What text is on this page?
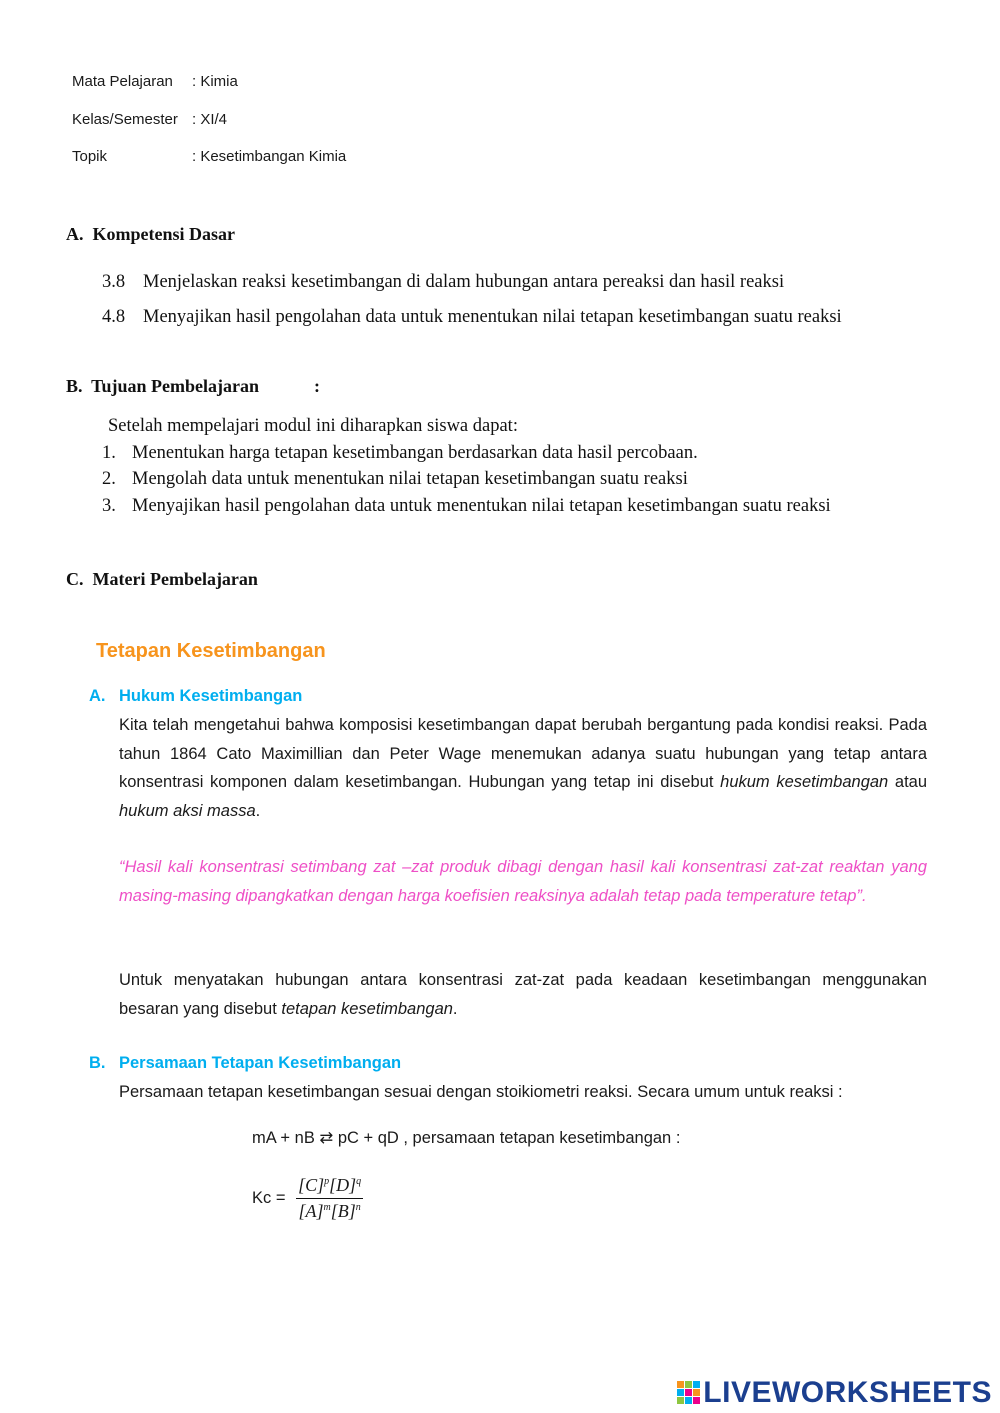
Mata Pelajaran : Kimia
Kelas/Semester : XI/4
Topik	: Kesetimbangan Kimia
A.  Kompetensi Dasar
3.8 Menjelaskan reaksi kesetimbangan di dalam hubungan antara pereaksi dan hasil reaksi
4.8 Menyajikan hasil pengolahan data untuk menentukan nilai tetapan kesetimbangan suatu reaksi
B.  Tujuan Pembelajaran	:
Setelah mempelajari modul ini diharapkan siswa dapat:
1. Menentukan harga tetapan kesetimbangan berdasarkan data hasil percobaan.
2. Mengolah data untuk menentukan nilai tetapan kesetimbangan suatu reaksi
3. Menyajikan hasil pengolahan data untuk menentukan nilai tetapan kesetimbangan suatu reaksi
C.  Materi Pembelajaran
Tetapan Kesetimbangan
A. Hukum Kesetimbangan
Kita telah mengetahui bahwa komposisi kesetimbangan dapat berubah bergantung pada kondisi reaksi. Pada tahun 1864 Cato Maximillian dan Peter Wage menemukan adanya suatu hubungan yang tetap antara konsentrasi komponen dalam kesetimbangan. Hubungan yang tetap ini disebut hukum kesetimbangan atau hukum aksi massa.
“Hasil kali konsentrasi setimbang zat –zat produk dibagi dengan hasil kali konsentrasi zat-zat reaktan yang masing-masing dipangkatkan dengan harga koefisien reaksinya adalah tetap pada temperature tetap”.
Untuk menyatakan hubungan antara konsentrasi zat-zat pada keadaan kesetimbangan menggunakan besaran yang disebut tetapan kesetimbangan.
B. Persamaan Tetapan Kesetimbangan
Persamaan tetapan kesetimbangan sesuai dengan stoikiometri reaksi. Secara umum untuk reaksi :
mA + nB ⇄ pC + qD , persamaan tetapan kesetimbangan :
$Kc = \frac{[C]^p[D]^q}{[A]^m[B]^n}$
LIVEWORKSHEETS
